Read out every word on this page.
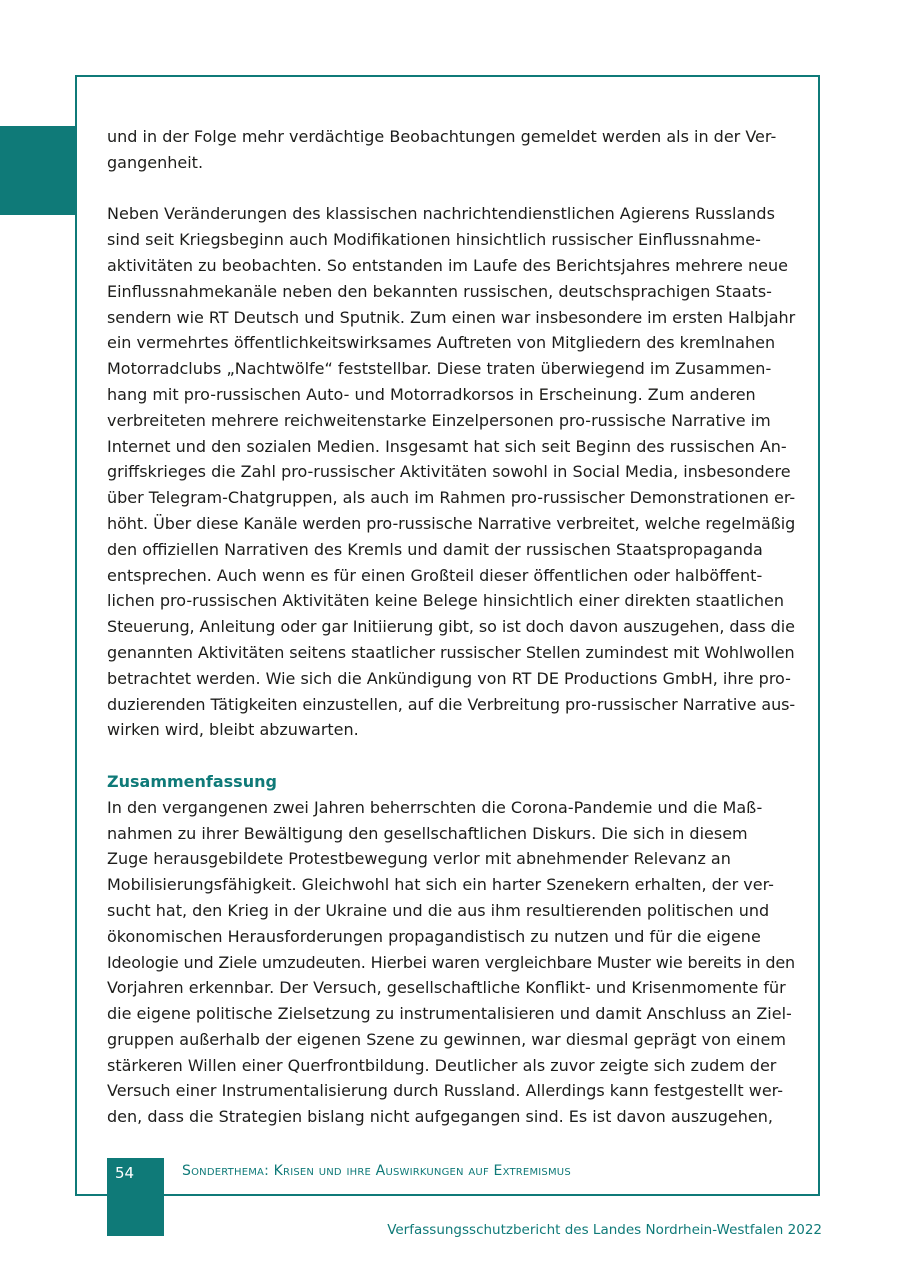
und in der Folge mehr verdächtige Beobachtungen gemeldet werden als in der Ver-
gangenheit.

Neben Veränderungen des klassischen nachrichtendienstlichen Agierens Russlands
sind seit Kriegsbeginn auch Modifikationen hinsichtlich russischer Einflussnahme-
aktivitäten zu beobachten. So entstanden im Laufe des Berichtsjahres mehrere neue
Einflussnahmekanäle neben den bekannten russischen, deutschsprachigen Staats-
sendern wie RT Deutsch und Sputnik. Zum einen war insbesondere im ersten Halbjahr
ein vermehrtes öffentlichkeitswirksames Auftreten von Mitgliedern des kremlnahen
Motorradclubs „Nachtwölfe“ feststellbar. Diese traten überwiegend im Zusammen-
hang mit pro-russischen Auto- und Motorradkorsos in Erscheinung. Zum anderen
verbreiteten mehrere reichweitenstarke Einzelpersonen pro-russische Narrative im
Internet und den sozialen Medien. Insgesamt hat sich seit Beginn des russischen An-
griffskrieges die Zahl pro-russischer Aktivitäten sowohl in Social Media, insbesondere
über Telegram-Chatgruppen, als auch im Rahmen pro-russischer Demonstrationen er-
höht. Über diese Kanäle werden pro-russische Narrative verbreitet, welche regelmäßig
den offiziellen Narrativen des Kremls und damit der russischen Staatspropaganda
entsprechen. Auch wenn es für einen Großteil dieser öffentlichen oder halböffent-
lichen pro-russischen Aktivitäten keine Belege hinsichtlich einer direkten staatlichen
Steuerung, Anleitung oder gar Initiierung gibt, so ist doch davon auszugehen, dass die
genannten Aktivitäten seitens staatlicher russischer Stellen zumindest mit Wohlwollen
betrachtet werden. Wie sich die Ankündigung von RT DE Productions GmbH, ihre pro-
duzierenden Tätigkeiten einzustellen, auf die Verbreitung pro-russischer Narrative aus-
wirken wird, bleibt abzuwarten.

Zusammenfassung

In den vergangenen zwei Jahren beherrschten die Corona-Pandemie und die Maß-
nahmen zu ihrer Bewältigung den gesellschaftlichen Diskurs. Die sich in diesem
Zuge herausgebildete Protestbewegung verlor mit abnehmender Relevanz an
Mobilisierungsfähigkeit. Gleichwohl hat sich ein harter Szenekern erhalten, der ver-
sucht hat, den Krieg in der Ukraine und die aus ihm resultierenden politischen und
ökonomischen Herausforderungen propagandistisch zu nutzen und für die eigene
Ideologie und Ziele umzudeuten. Hierbei waren vergleichbare Muster wie bereits in den
Vorjahren erkennbar. Der Versuch, gesellschaftliche Konflikt- und Krisenmomente für
die eigene politische Zielsetzung zu instrumentalisieren und damit Anschluss an Ziel-
gruppen außerhalb der eigenen Szene zu gewinnen, war diesmal geprägt von einem
stärkeren Willen einer Querfrontbildung. Deutlicher als zuvor zeigte sich zudem der
Versuch einer Instrumentalisierung durch Russland. Allerdings kann festgestellt wer-
den, dass die Strategien bislang nicht aufgegangen sind. Es ist davon auszugehen,

54	Sonderthema: Krisen und ihre Auswirkungen auf Extremismus
Verfassungsschutzbericht des Landes Nordrhein-Westfalen 2022
